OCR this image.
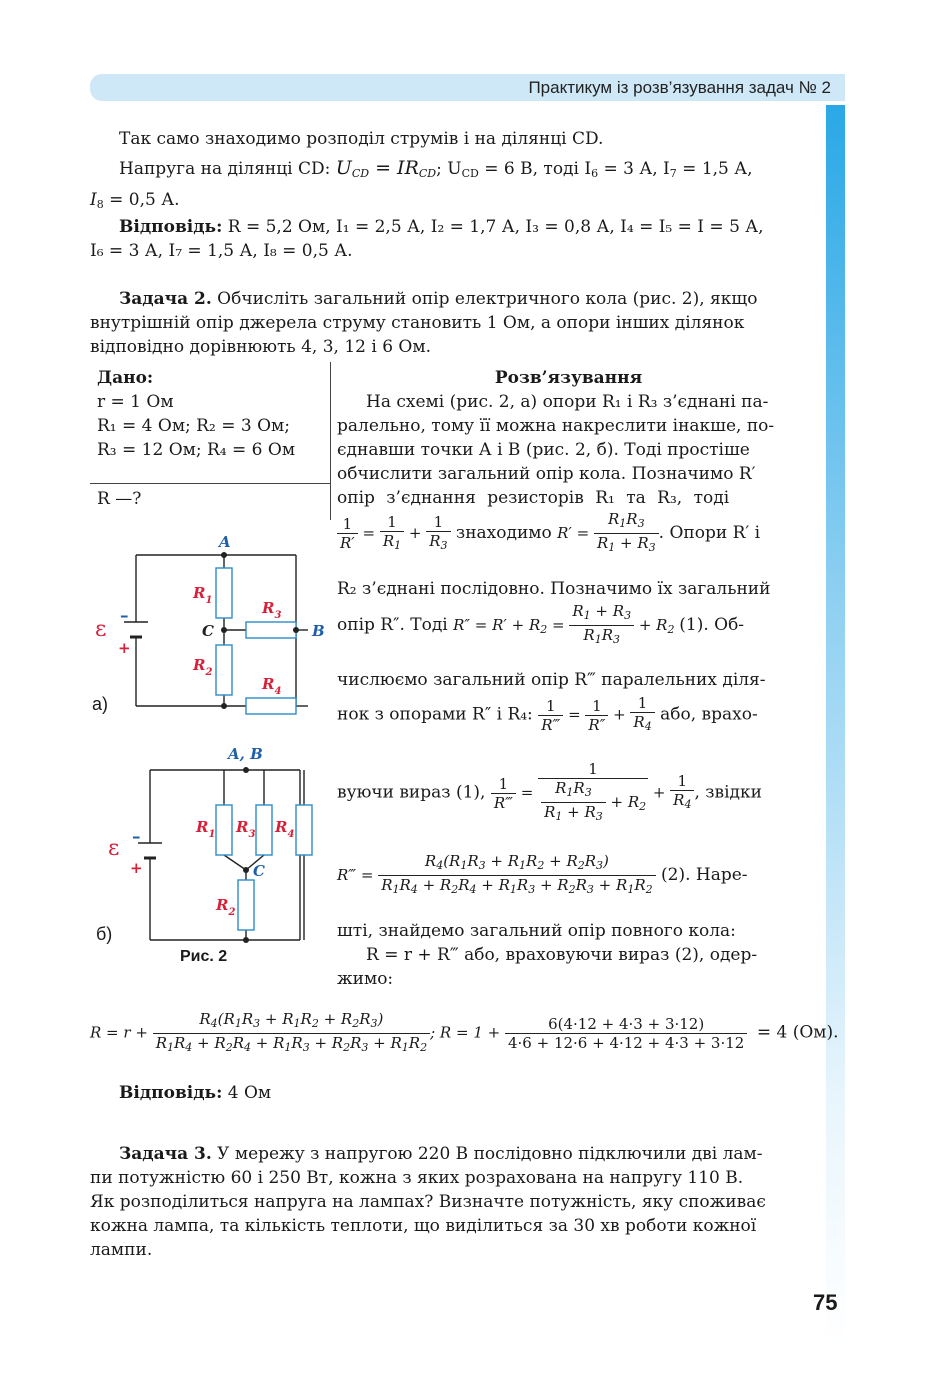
Практикум із розв’язування задач № 2
Так само знаходимо розподіл струмів і на ділянці CD.
Напруга на ділянці CD: $U_{CD} = IR_{CD}$; $U_{CD} = 6$ В, тоді $I_6 = 3$ А, $I_7 = 1,5$ А,
$I_8 = 0,5$ А.
Відповідь: R = 5,2 Ом, I₁ = 2,5 А, I₂ = 1,7 А, I₃ = 0,8 А, I₄ = I₅ = I = 5 А,
I₆ = 3 А, I₇ = 1,5 А, I₈ = 0,5 А.
Задача 2. Обчисліть загальний опір електричного кола (рис. 2), якщо
внутрішній опір джерела струму становить 1 Ом, а опори інших ділянок
відповідно дорівнюють 4, 3, 12 і 6 Ом.
Дано:
r = 1 Ом
R₁ = 4 Ом; R₂ = 3 Ом;
R₃ = 12 Ом; R₄ = 6 Ом
R —?
Розв’язування
На схемі (рис. 2, а) опори R₁ і R₃ з’єднані па-
ралельно, тому її можна накреслити інакше, по-
єднавши точки А і В (рис. 2, б). Тоді простіше
обчислити загальний опір кола. Позначимо R′
опір з’єднання резисторів R₁ та R₃, тоді
$\frac{1}{R'} = \frac{1}{R_1} + \frac{1}{R_3}$ знаходимо $R' = \frac{R_1R_3}{R_1 + R_3}$ . Опори R′ і
R₂ з’єднані послідовно. Позначимо їх загальний
опір R″. Тоді $R'' = R' + R_2 = \frac{R_1 + R_3}{R_1R_3} + R_2$ (1). Об-
числюємо загальний опір R‴ паралельних діля-
нок з опорами R″ і R₄: $\frac{1}{R‴} = \frac{1}{R''} + \frac{1}{R_4}$ або, врахо-
вуючи вираз (1), $\frac{1}{R‴} = \frac{1}{\frac{R_1R_3}{R_1 + R_3} + R_2} + \frac{1}{R_4}$ , звідки
R‴ = $\frac{R_4(R_1R_3 + R_1R_2 + R_2R_3)}{R_1R_4 + R_2R_4 + R_1R_3 + R_2R_3 + R_1R_2} (2)$. Наре-
шті, знайдемо загальний опір повного кола:
R = r + R‴ або, враховуючи вираз (2), одер-
жимо:
$R = r + \frac{R_4(R_1R_3 + R_1R_2 + R_2R_3)}{R_1R_4 + R_2R_4 + R_1R_3 + R_2R_3 + R_1R_2}$ ; $R = 1 + \frac{6(4\cdot 12 + 4\cdot 3 + 3\cdot 12)}{4\cdot 6 + 12\cdot 6 + 4\cdot 12 + 4\cdot 3 + 3\cdot 12} = 4$ (Ом).
Відповідь: 4 Ом
Задача 3. У мережу з напругою 220 В послідовно підключили дві лам-
пи потужністю 60 і 250 Вт, кожна з яких розрахована на напругу 110 В.
Як розподілиться напруга на лампах? Визначте потужність, яку споживає
кожна лампа, та кількість теплоти, що виділиться за 30 хв роботи кожної
лампи.
а)
б)
Рис. 2
A
B
C
ε
–
+
$R_1$
$R_2$
$R_3$
$R_4$
A, B
C
ε –
+
$R_1$ $R_3$ $R_4$
$R_2$
75
